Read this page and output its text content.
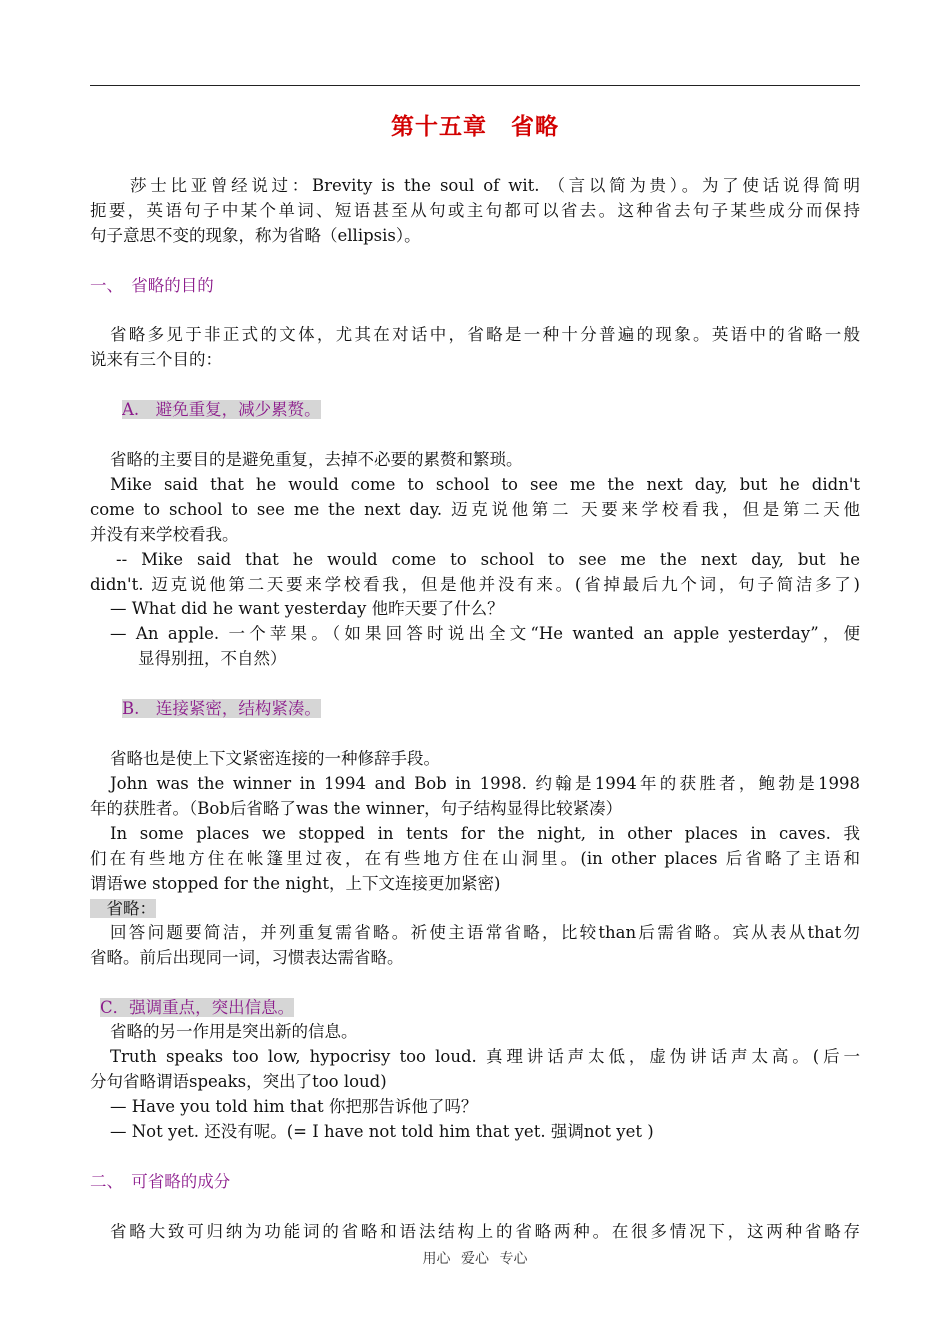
第十五章　省略
莎士比亚曾经说过：Brevity is the soul of wit. （言以简为贵）。为了使话说得简明
扼要，英语句子中某个单词、短语甚至从句或主句都可以省去。这种省去句子某些成分而保持
句子意思不变的现象，称为省略（ellipsis）。
一、　省略的目的
省略多见于非正式的文体，尤其在对话中，省略是一种十分普遍的现象。英语中的省略一般
说来有三个目的：
A.　避免重复，减少累赘。
省略的主要目的是避免重复，去掉不必要的累赘和繁琐。
Mike said that he would come to school to see me the next day, but he didn't
come to school to see me the next day. 迈克说他第二 天要来学校看我，但是第二天他
并没有来学校看我。
-- Mike said that he would come to school to see me the next day, but he
didn't. 迈克说他第二天要来学校看我，但是他并没有来。(省掉最后九个词，句子简洁多了)
— What did he want yesterday 他昨天要了什么？
— An apple. 一个苹果。（如果回答时说出全文“He wanted an apple yesterday”，便
显得别扭，不自然）
B.　连接紧密，结构紧凑。
省略也是使上下文紧密连接的一种修辞手段。
John was the winner in 1994 and Bob in 1998. 约翰是1994年的获胜者，鲍勃是1998
年的获胜者。（Bob后省略了was the winner，句子结构显得比较紧凑）
In some places we stopped in tents for the night, in other places in caves. 我
们在有些地方住在帐篷里过夜，在有些地方住在山洞里。(in other places 后省略了主语和
谓语we stopped for the night，上下文连接更加紧密)
　省略：
回答问题要简洁，并列重复需省略。祈使主语常省略，比较than后需省略。宾从表从that勿
省略。前后出现同一词，习惯表达需省略。
C．强调重点，突出信息。
省略的另一作用是突出新的信息。
Truth speaks too low, hypocrisy too loud. 真理讲话声太低，虚伪讲话声太高。(后一
分句省略谓语speaks，突出了too loud)
— Have you told him that 你把那告诉他了吗？
— Not yet. 还没有呢。(= I have not told him that yet. 强调not yet )
二、　可省略的成分
省略大致可归纳为功能词的省略和语法结构上的省略两种。在很多情况下，这两种省略存
用心 爱心 专心
